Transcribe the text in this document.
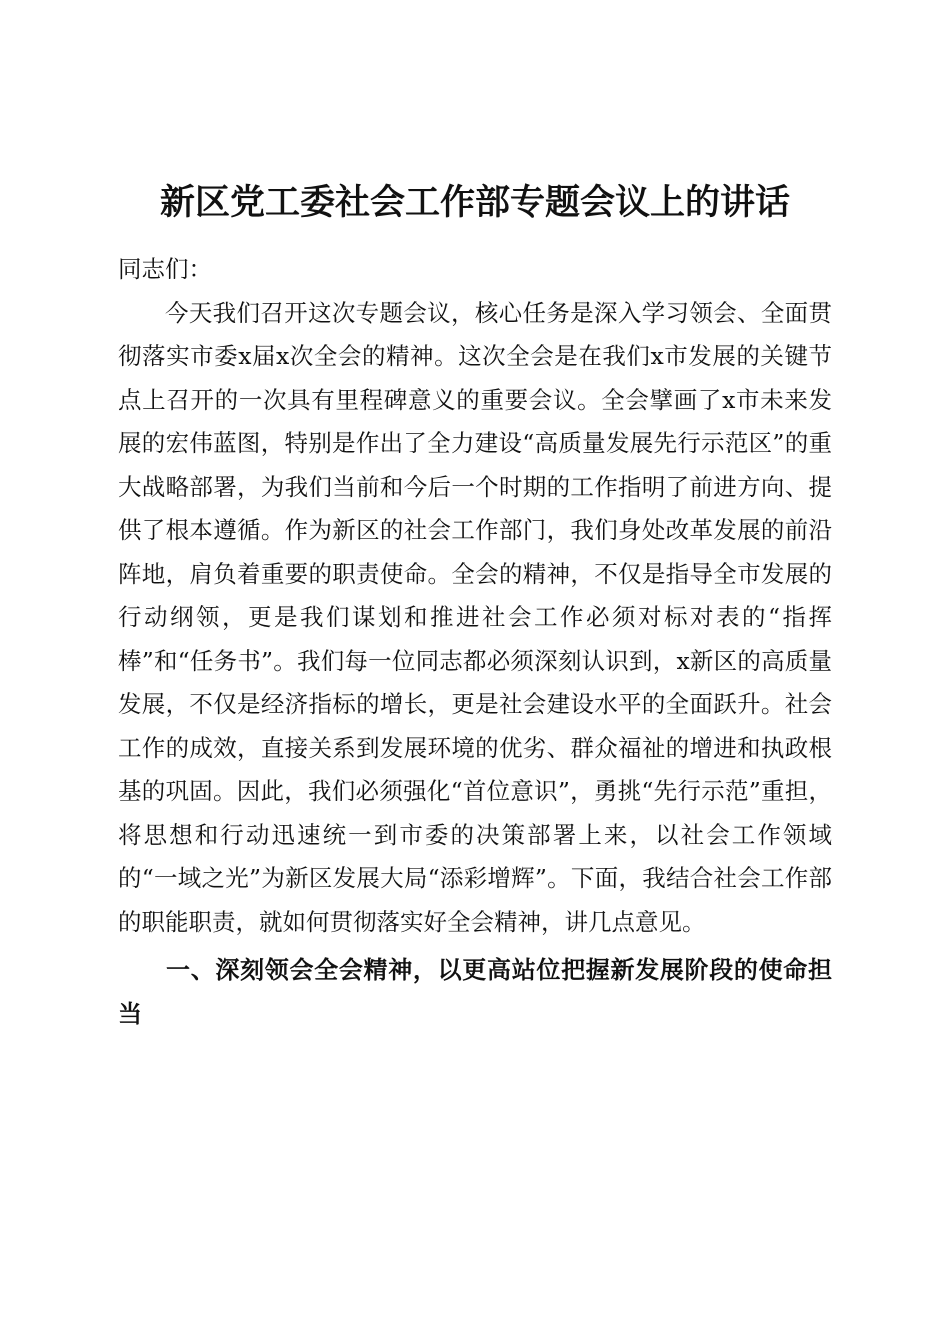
新区党工委社会工作部专题会议上的讲话

同志们：

今天我们召开这次专题会议，核心任务是深入学习领会、全面贯彻落实市委x届x次全会的精神。这次全会是在我们x市发展的关键节点上召开的一次具有里程碑意义的重要会议。全会擘画了x市未来发展的宏伟蓝图，特别是作出了全力建设“高质量发展先行示范区”的重大战略部署，为我们当前和今后一个时期的工作指明了前进方向、提供了根本遵循。作为新区的社会工作部门，我们身处改革发展的前沿阵地，肩负着重要的职责使命。全会的精神，不仅是指导全市发展的行动纲领，更是我们谋划和推进社会工作必须对标对表的“指挥棒”和“任务书”。我们每一位同志都必须深刻认识到，x新区的高质量发展，不仅是经济指标的增长，更是社会建设水平的全面跃升。社会工作的成效，直接关系到发展环境的优劣、群众福祉的增进和执政根基的巩固。因此，我们必须强化“首位意识”，勇挑“先行示范”重担，将思想和行动迅速统一到市委的决策部署上来，以社会工作领域的“一域之光”为新区发展大局“添彩增辉”。下面，我结合社会工作部的职能职责，就如何贯彻落实好全会精神，讲几点意见。

一、深刻领会全会精神，以更高站位把握新发展阶段的使命担当
